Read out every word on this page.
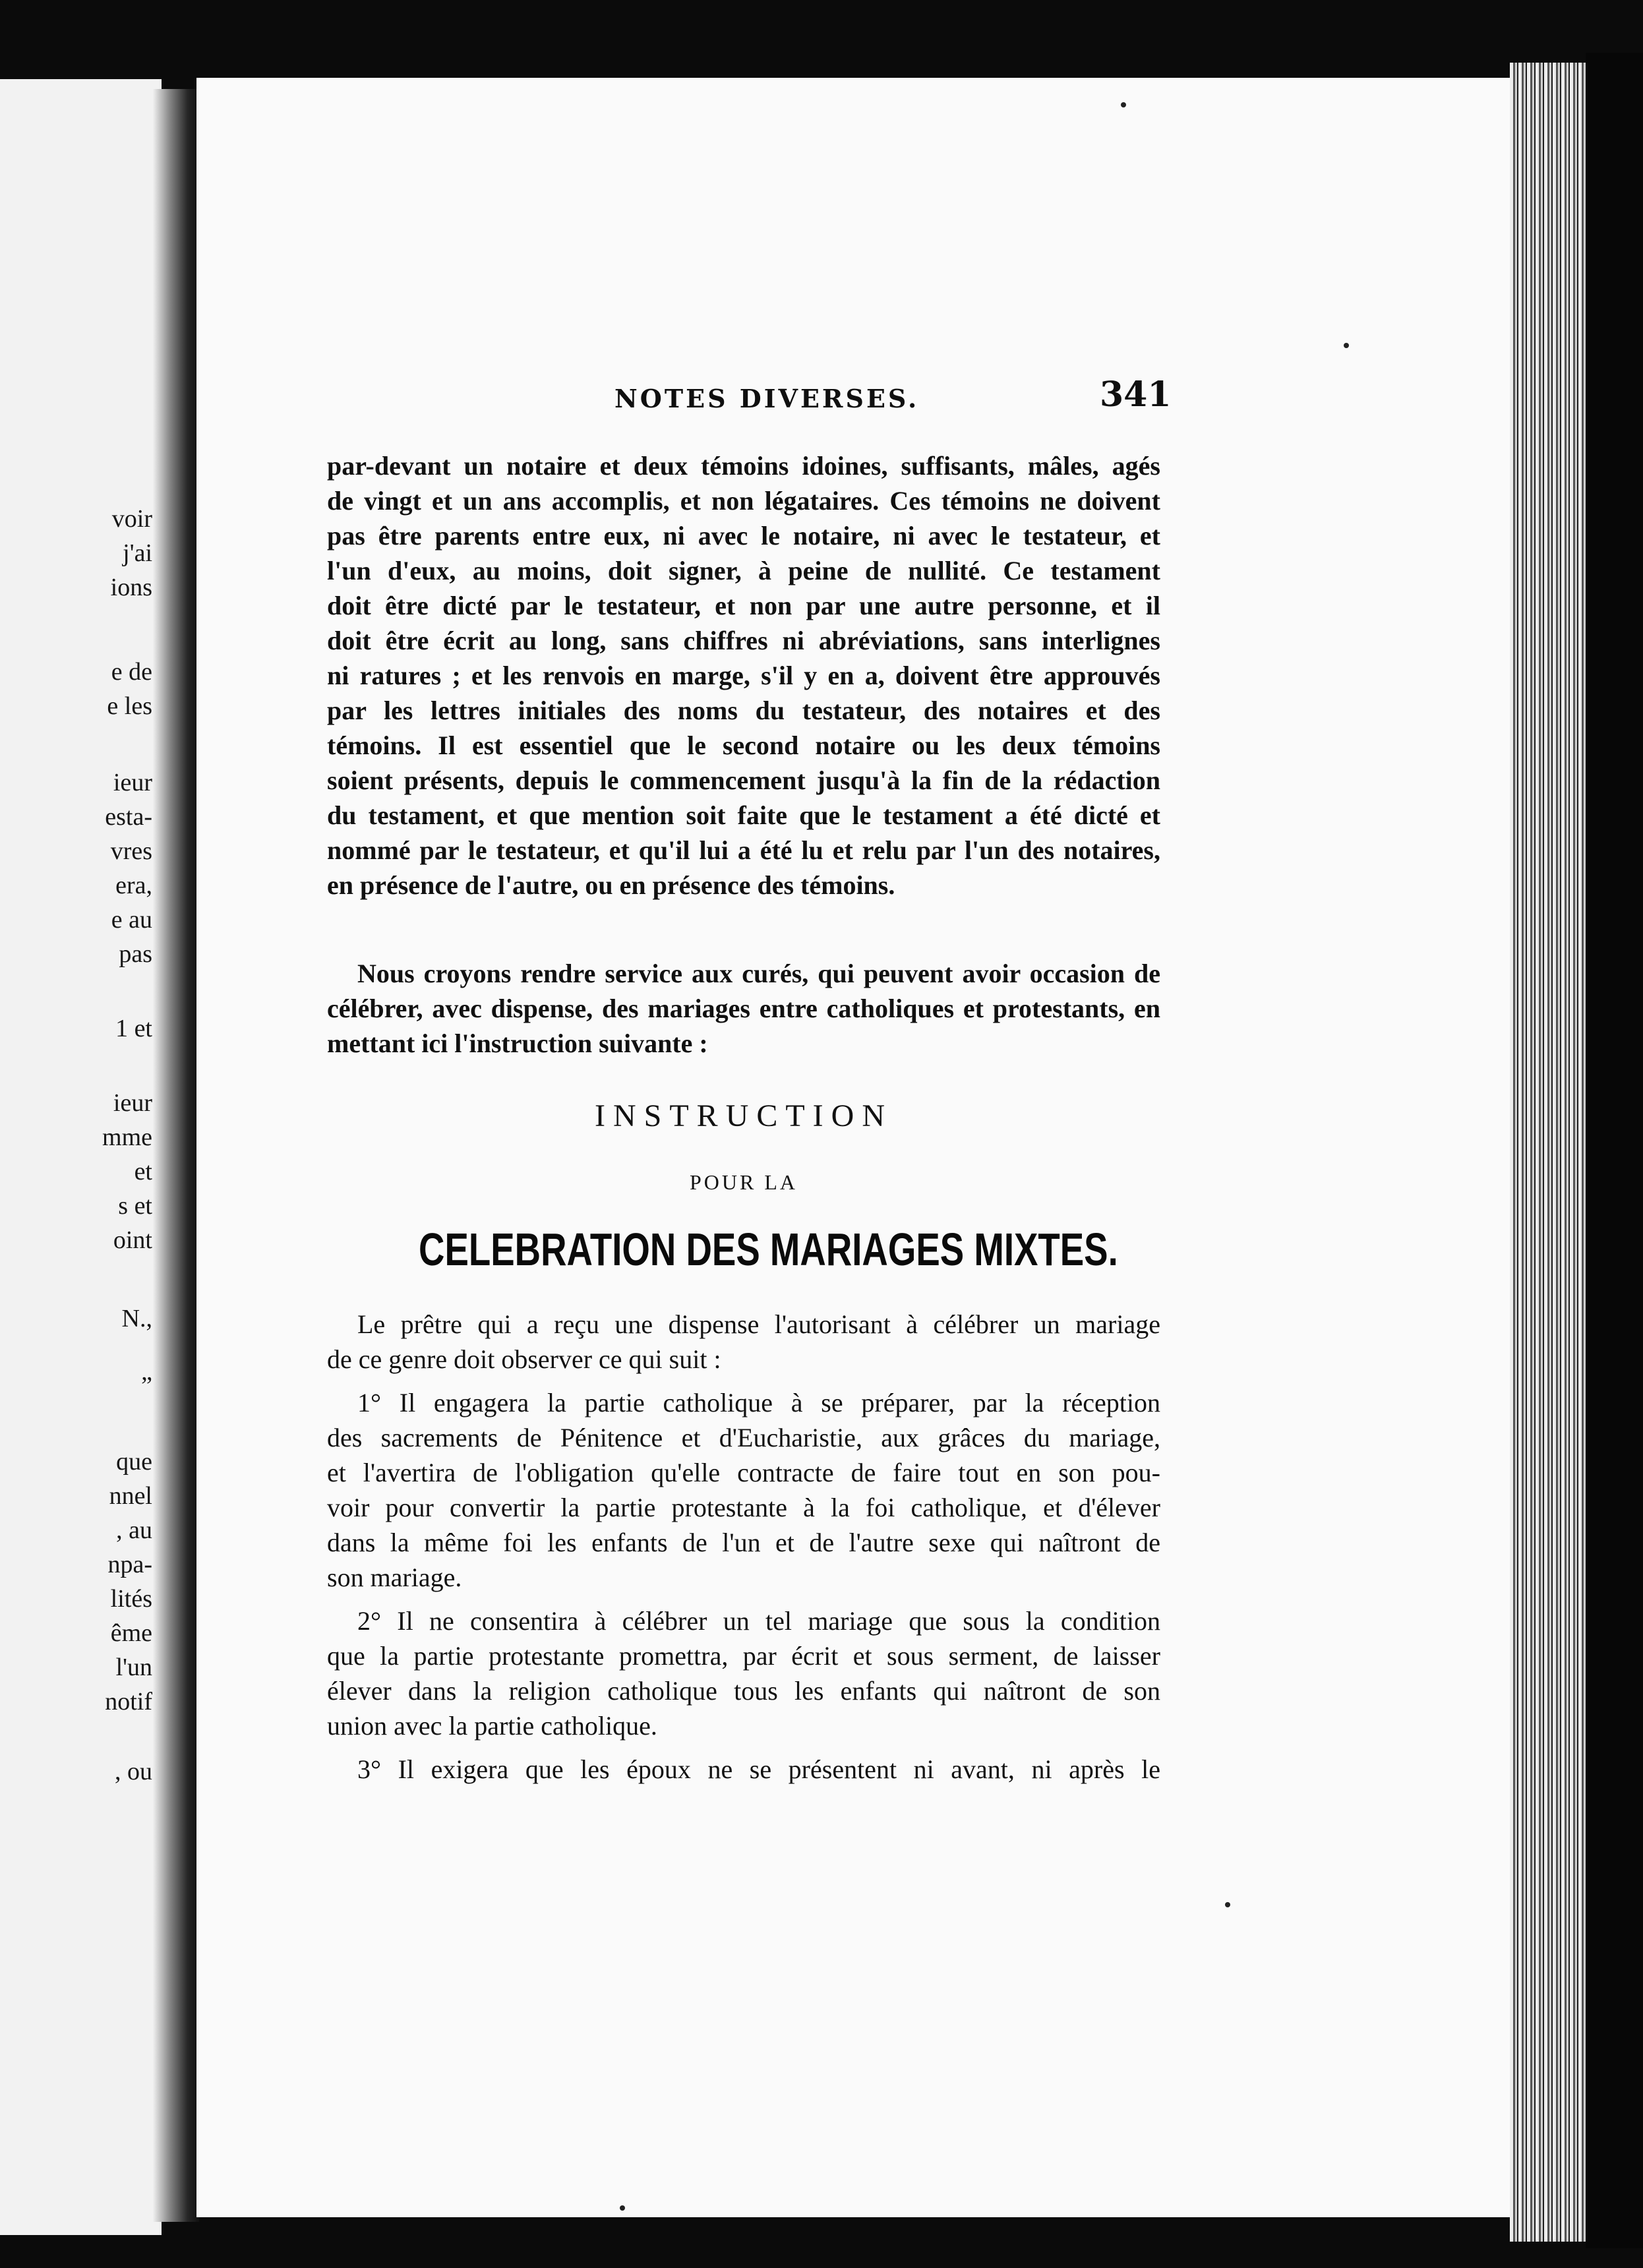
voir
j'ai
ions
e de
e les
ieur
esta-
vres
era,
e au
pas
1 et
ieur
mme
et
s et
oint
N.,
”
que
nnel
, au
npa-
lités
ême
l'un
notif
, ou
NOTES DIVERSES.	341
par-devant un notaire et deux témoins idoines, suffisants, mâles, agés
de vingt et un ans accomplis, et non légataires. Ces témoins ne doivent
pas être parents entre eux, ni avec le notaire, ni avec le testateur, et
l'un d'eux, au moins, doit signer, à peine de nullité. Ce testament
doit être dicté par le testateur, et non par une autre personne, et il
doit être écrit au long, sans chiffres ni abréviations, sans interlignes
ni ratures ; et les renvois en marge, s'il y en a, doivent être approuvés
par les lettres initiales des noms du testateur, des notaires et des
témoins. Il est essentiel que le second notaire ou les deux témoins
soient présents, depuis le commencement jusqu'à la fin de la rédaction
du testament, et que mention soit faite que le testament a été dicté et
nommé par le testateur, et qu'il lui a été lu et relu par l'un des notaires,
en présence de l'autre, ou en présence des témoins.
Nous croyons rendre service aux curés, qui peuvent avoir occasion de
célébrer, avec dispense, des mariages entre catholiques et protestants, en
mettant ici l'instruction suivante :
INSTRUCTION
POUR LA
CELEBRATION DES MARIAGES MIXTES.
Le prêtre qui a reçu une dispense l'autorisant à célébrer un mariage
de ce genre doit observer ce qui suit :
1° Il engagera la partie catholique à se préparer, par la réception
des sacrements de Pénitence et d'Eucharistie, aux grâces du mariage,
et l'avertira de l'obligation qu'elle contracte de faire tout en son pou-
voir pour convertir la partie protestante à la foi catholique, et d'élever
dans la même foi les enfants de l'un et de l'autre sexe qui naîtront de
son mariage.
2° Il ne consentira à célébrer un tel mariage que sous la condition
que la partie protestante promettra, par écrit et sous serment, de laisser
élever dans la religion catholique tous les enfants qui naîtront de son
union avec la partie catholique.
3° Il exigera que les époux ne se présentent ni avant, ni après le
